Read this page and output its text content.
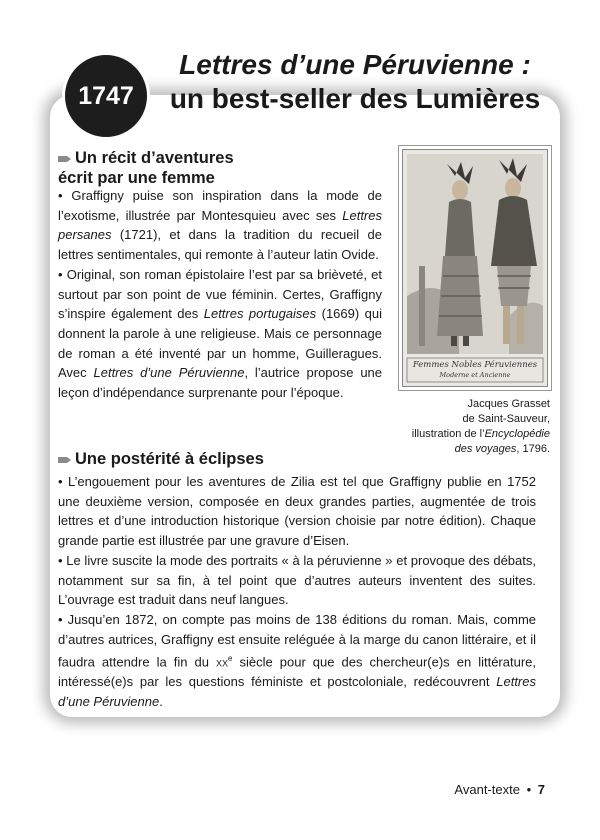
1747
Lettres d’une Péruvienne :
un best-seller des Lumières
Un récit d’aventures
écrit par une femme

• Graffigny puise son inspiration dans la mode de l’exotisme, illustrée par Montesquieu avec ses Lettres persanes (1721), et dans la tradition du recueil de lettres sentimentales, qui remonte à l’auteur latin Ovide.

• Original, son roman épistolaire l’est par sa brièveté, et surtout par son point de vue féminin. Certes, Graffigny s’inspire également des Lettres portugaises (1669) qui donnent la parole à une religieuse. Mais ce personnage de roman a été inventé par un homme, Guilleragues. Avec Lettres d’une Péruvienne, l’autrice propose une leçon d’indépendance surprenante pour l’époque.

Femmes Nobles Péruviennes
Moderne et Ancienne
Jacques Grasset
de Saint-Sauveur,
illustration de l’Encyclopédie
des voyages, 1796.
Une postérité à éclipses

• L’engouement pour les aventures de Zilia est tel que Graffigny publie en 1752 une deuxième version, composée en deux grandes parties, augmentée de trois lettres et d’une introduction historique (version choisie par notre édition). Chaque grande partie est illustrée par une gravure d’Eisen.

• Le livre suscite la mode des portraits « à la péruvienne » et provoque des débats, notamment sur sa fin, à tel point que d’autres auteurs inventent des suites. L’ouvrage est traduit dans neuf langues.

• Jusqu’en 1872, on compte pas moins de 138 éditions du roman. Mais, comme d’autres autrices, Graffigny est ensuite reléguée à la marge du canon littéraire, et il faudra attendre la fin du $xx^e$ siècle pour que des chercheur(e)s en littérature, intéressé(e)s par les questions féministe et postcoloniale, redécouvrent Lettres d’une Péruvienne.

Avant-texte • 7
